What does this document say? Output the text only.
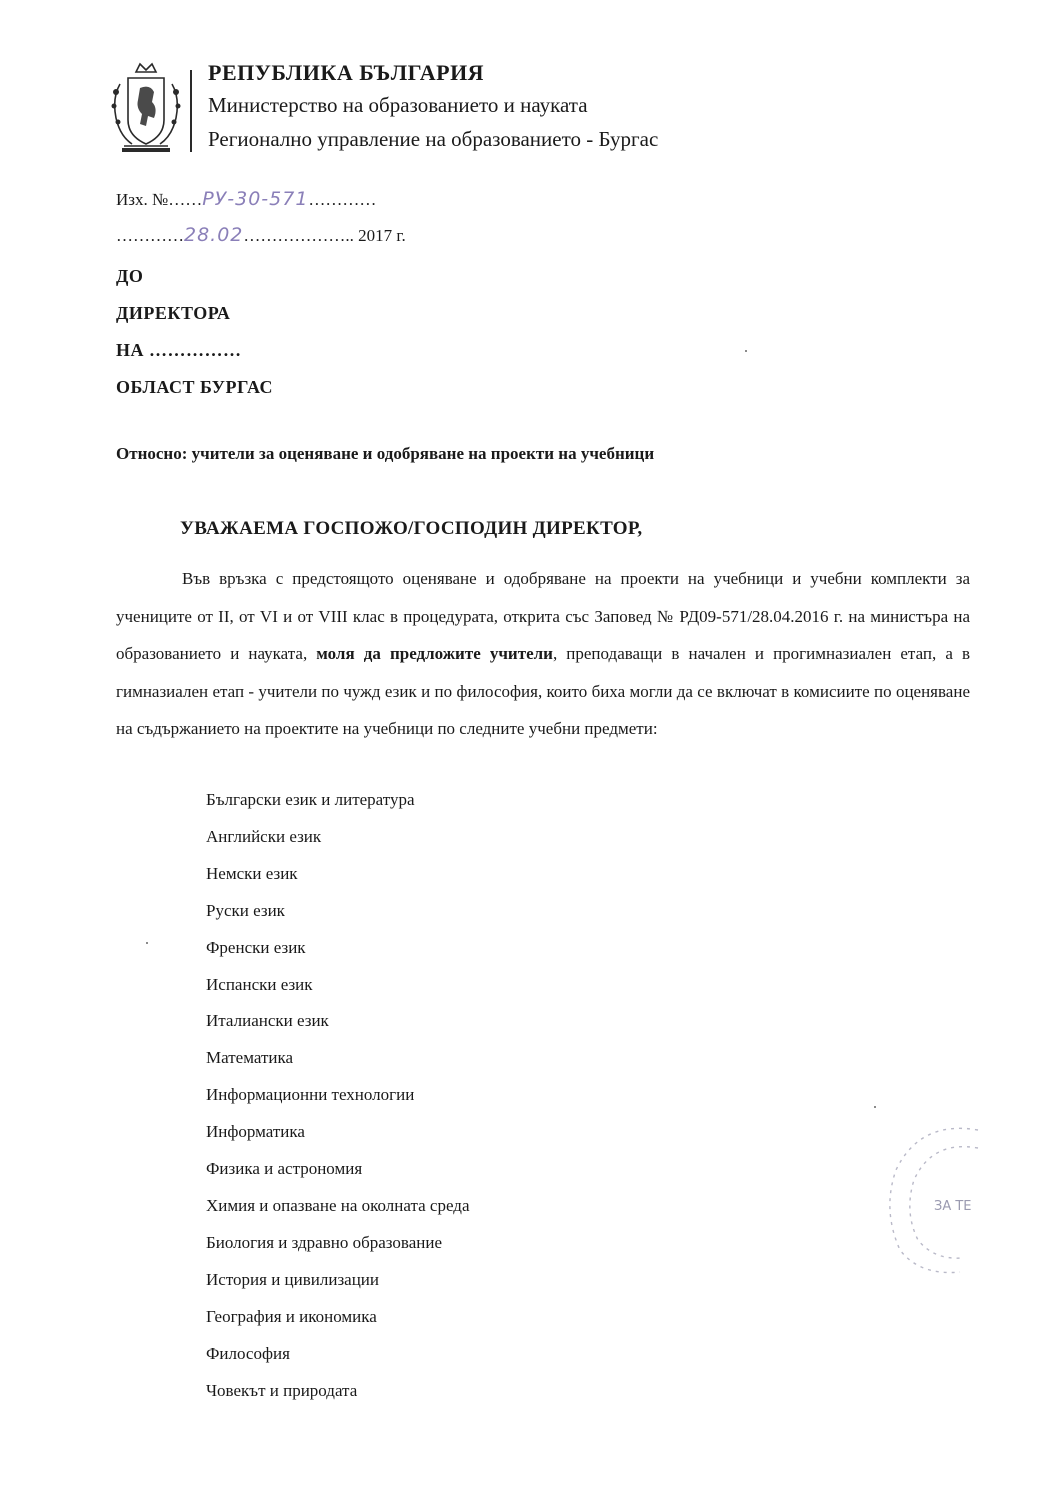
РЕПУБЛИКА БЪЛГАРИЯ
Министерство на образованието и науката
Регионално управление на образованието - Бургас
Изх. №……РУ-30-571…………
…………28.02……………….. 2017 г.
ДО
ДИРЕКТОРА
НА ……………
ОБЛАСТ БУРГАС
Относно: учители за оценяване и одобряване на проекти на учебници
УВАЖАЕМА ГОСПОЖО/ГОСПОДИН ДИРЕКТОР,
Във връзка с предстоящото оценяване и одобряване на проекти на учебници и учебни комплекти за учениците от II, от VI и от VIII клас в процедурата, открита със Заповед № РД09-571/28.04.2016 г. на министъра на образованието и науката, моля да предложите учители, преподаващи в начален и прогимназиален етап, а в гимназиален етап - учители по чужд език и по философия, които биха могли да се включат в комисиите по оценяване на съдържанието на проектите на учебници по следните учебни предмети:
Български език и литература
Английски език
Немски език
Руски език
Френски език
Испански език
Италиански език
Математика
Информационни технологии
Информатика
Физика и астрономия
Химия и опазване на околната среда
Биология и здравно образование
История и цивилизации
География и икономика
Философия
Човекът и природата
ЗА ТЕ
